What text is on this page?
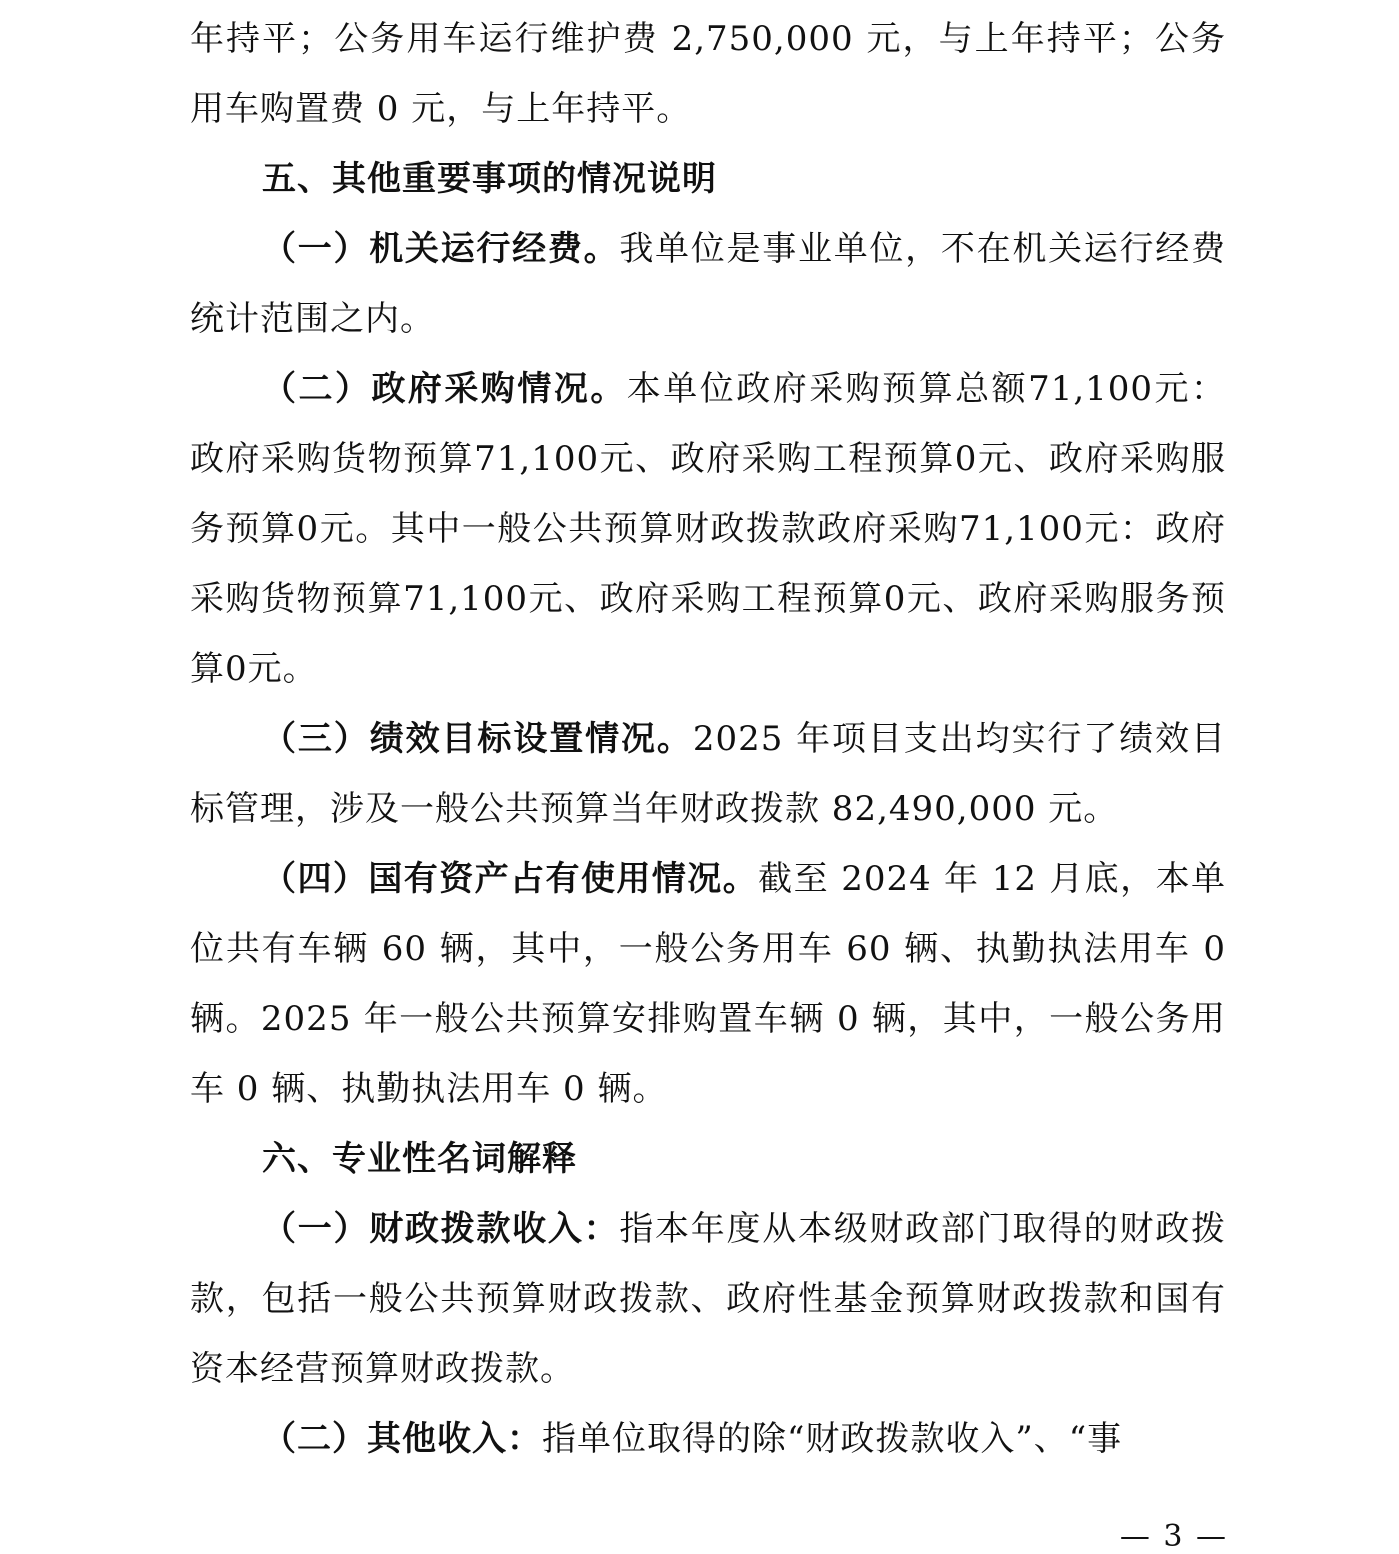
年持平；公务用车运行维护费 2,750,000 元，与上年持平；公务用车购置费 0 元，与上年持平。

五、其他重要事项的情况说明

（一）机关运行经费。我单位是事业单位，不在机关运行经费统计范围之内。

（二）政府采购情况。本单位政府采购预算总额71,100元：政府采购货物预算71,100元、政府采购工程预算0元、政府采购服务预算0元。其中一般公共预算财政拨款政府采购71,100元：政府采购货物预算71,100元、政府采购工程预算0元、政府采购服务预算0元。

（三）绩效目标设置情况。2025 年项目支出均实行了绩效目标管理，涉及一般公共预算当年财政拨款 82,490,000 元。

（四）国有资产占有使用情况。截至 2024 年 12 月底，本单位共有车辆 60 辆，其中，一般公务用车 60 辆、执勤执法用车 0 辆。2025 年一般公共预算安排购置车辆 0 辆，其中，一般公务用车 0 辆、执勤执法用车 0 辆。

六、专业性名词解释

（一）财政拨款收入：指本年度从本级财政部门取得的财政拨款，包括一般公共预算财政拨款、政府性基金预算财政拨款和国有资本经营预算财政拨款。

（二）其他收入：指单位取得的除“财政拨款收入”、“事

— 3 —
